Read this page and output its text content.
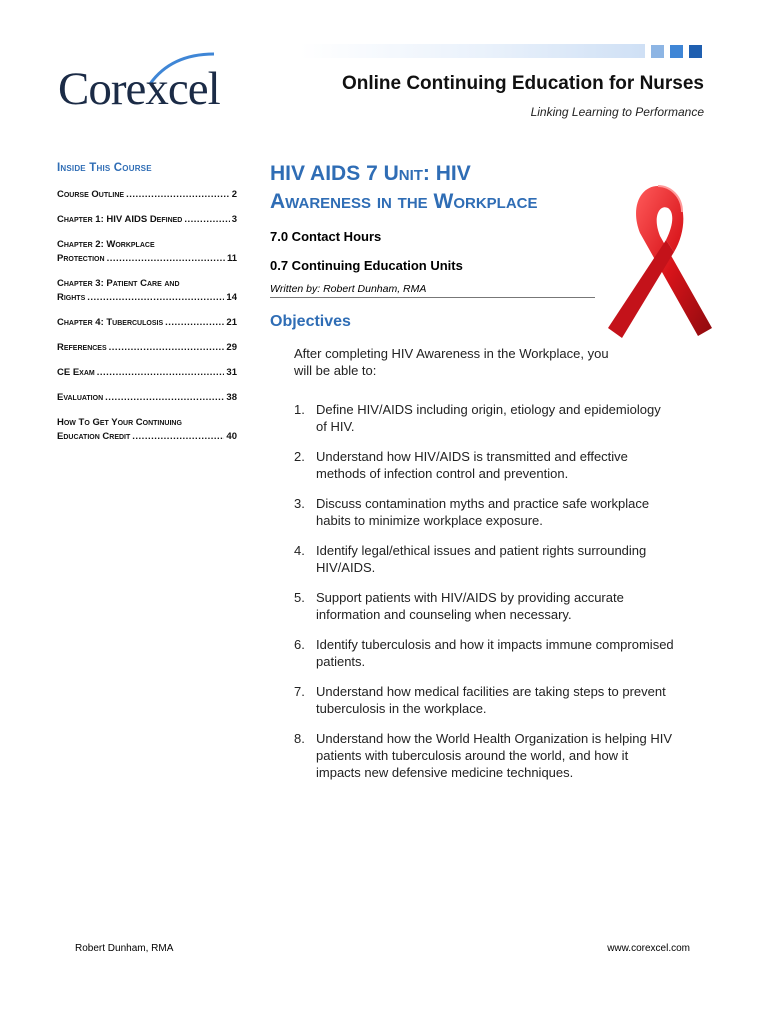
Corexcel	Online Continuing Education for Nurses
Linking Learning to Performance
Inside This Course
Course Outline .....	2
Chapter 1: HIV AIDS Defined .....	3
Chapter 2: Workplace
Protection .....	11
Chapter 3: Patient Care and
Rights .....	14
Chapter 4: Tuberculosis .....	21
References .....	29
CE Exam .....	31
Evaluation .....	38
How To Get Your Continuing
Education Credit .....	40
HIV AIDS 7 Unit: HIV
Awareness in the Workplace
7.0 Contact Hours
0.7 Continuing Education Units
Written by: Robert Dunham, RMA
Objectives
After completing HIV Awareness in the Workplace, you will be able to:
1. Define HIV/AIDS including origin, etiology and epidemiology of HIV.
2. Understand how HIV/AIDS is transmitted and effective methods of infection control and prevention.
3. Discuss contamination myths and practice safe workplace habits to minimize workplace exposure.
4. Identify legal/ethical issues and patient rights surrounding HIV/AIDS.
5. Support patients with HIV/AIDS by providing accurate information and counseling when necessary.
6. Identify tuberculosis and how it impacts immune compromised patients.
7. Understand how medical facilities are taking steps to prevent tuberculosis in the workplace.
8. Understand how the World Health Organization is helping HIV patients with tuberculosis around the world, and how it impacts new defensive medicine techniques.
Robert Dunham, RMA	www.corexcel.com
